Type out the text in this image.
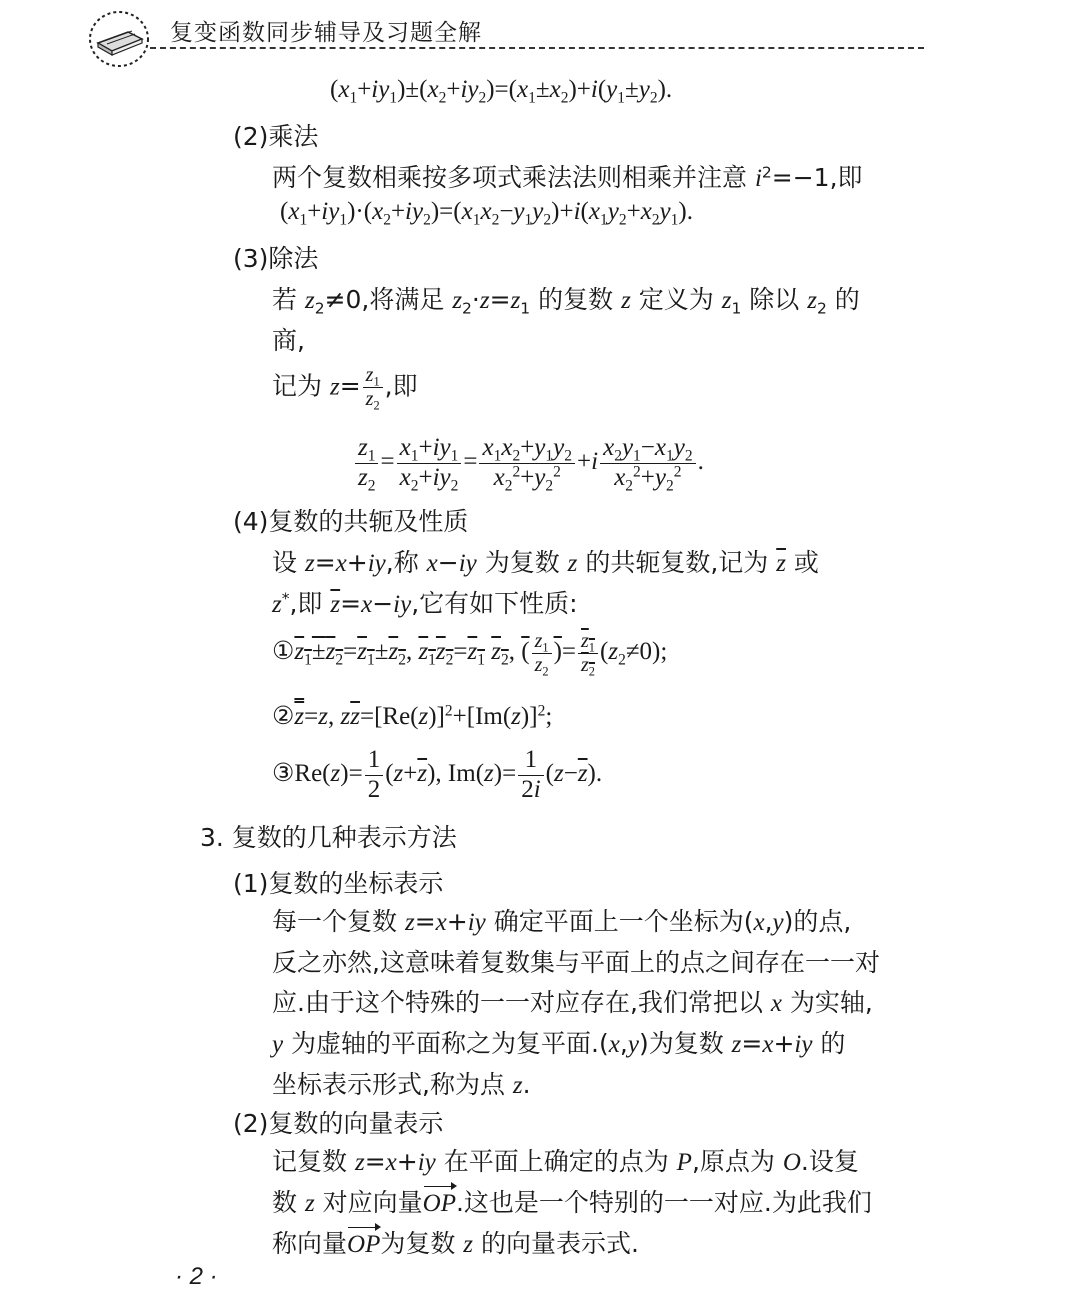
复变函数同步辅导及习题全解
$(x_1+iy_1)\pm(x_2+iy_2)=(x_1\pm x_2)+i(y_1\pm y_2)$.
(2)乘法
两个复数相乘按多项式乘法法则相乘并注意 $i^2=-1$,即
$(x_1+iy_1)\cdot(x_2+iy_2)=(x_1x_2-y_1y_2)+i(x_1y_2+x_2y_1)$.
(3)除法
若 $z_2\ne 0$,将满足 $z_2\cdot z=z_1$ 的复数 z 定义为 $z_1$ 除以 $z_2$ 的
商,
记为 $z= \frac{z_1}{z_2}$ ,即
$\frac{z_1}{z_2} = \frac{x_1+iy_1}{x_2+iy_2} = \frac{x_1x_2+y_1y_2}{x_2^2+y_2^2} +i \frac{x_2y_1-x_1y_2}{x_2^2+y_2^2}$ .
(4)复数的共轭及性质
设 z=x+iy,称 x−iy 为复数 z 的共轭复数,记为 $\overline{z}$ 或
z*,即 $\overline{z}=x-iy$,它有如下性质:
$①z_1\pm z_2=z_1\pm z_2$, $z_1z_2=z_1$ $z_2$, ( $\frac{z_1}{z_2}$ )= $\frac{z_1}{z_2} (z_2\ne 0)$;
②z=z, $z\overline{z}=[Re(z)]^2+[Im(z)]^2$;
③Re(z)= $\frac{1}{2} (z+\overline{z})$, $Im(z)= \frac{1}{2i} (z-\overline{z})$.
3. 复数的几种表示方法
(1)复数的坐标表示
每一个复数 z=x+iy 确定平面上一个坐标为(x,y)的点,
反之亦然,这意味着复数集与平面上的点之间存在一一对
应.由于这个特殊的一一对应存在,我们常把以 x 为实轴,
y 为虚轴的平面称之为复平面.(x,y)为复数 z=x+iy 的
坐标表示形式,称为点 z.
(2)复数的向量表示
记复数 z=x+iy 在平面上确定的点为 P,原点为 O.设复
数 z 对应向量OP.这也是一个特别的一一对应.为此我们
称向量OP为复数 z 的向量表示式.
· 2 ·
